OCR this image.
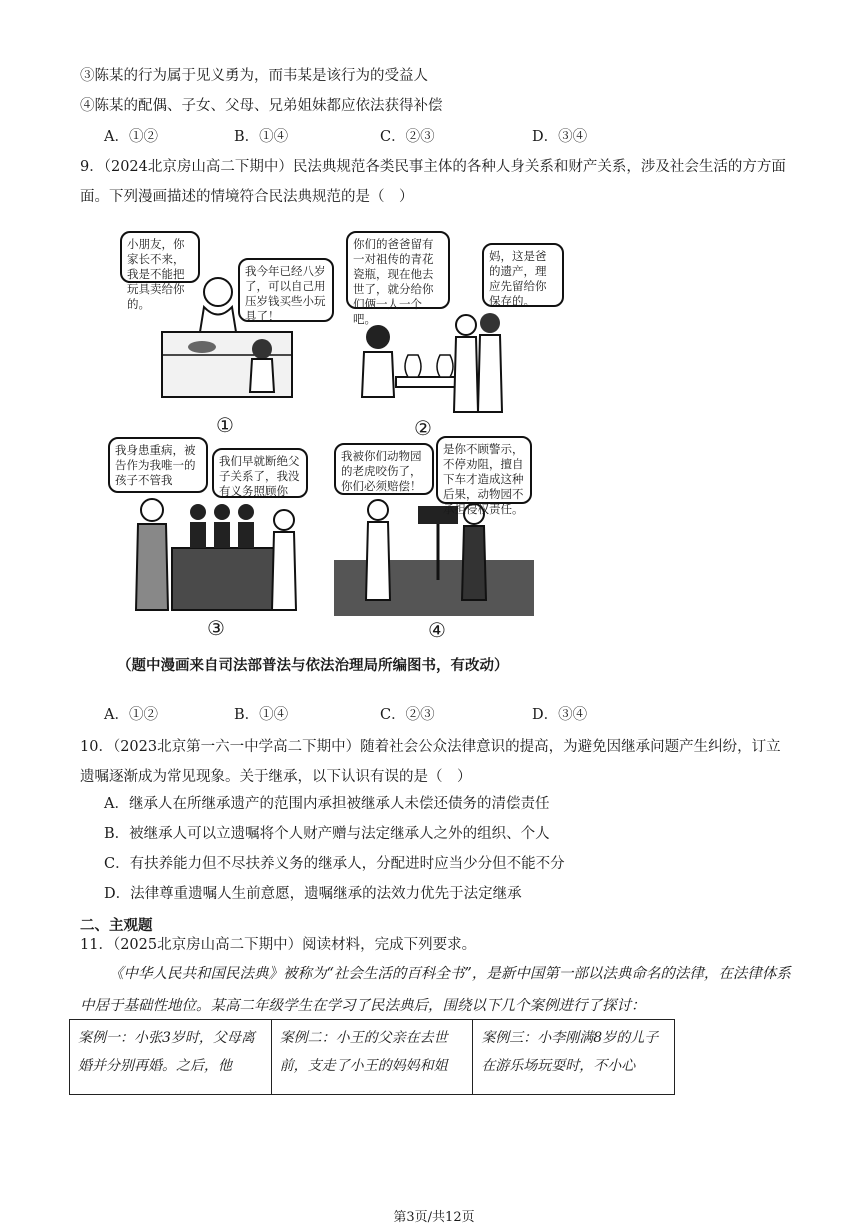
③陈某的行为属于见义勇为，而韦某是该行为的受益人
④陈某的配偶、子女、父母、兄弟姐妹都应依法获得补偿
A．①②	B．①④	C．②③	D．③④
9．（2024北京房山高二下期中）民法典规范各类民事主体的各种人身关系和财产关系，涉及社会生活的方方面面。下列漫画描述的情境符合民法典规范的是（　）
小朋友，你家长不来，我是不能把玩具卖给你的。
我今年已经八岁了，可以自己用压岁钱买些小玩具了！
①
你们的爸爸留有一对祖传的青花瓷瓶，现在他去世了，就分给你们俩一人一个吧。
妈，这是爸的遗产，理应先留给你保存的。
②
我身患重病，被告作为我唯一的孩子不管我
我们早就断绝父子关系了，我没有义务照顾你
③
我被你们动物园的老虎咬伤了，你们必须赔偿！
是你不顾警示，不停劝阻，擅自下车才造成这种后果，动物园不承担侵权责任。
④
（题中漫画来自司法部普法与依法治理局所编图书，有改动）
A．①②	B．①④	C．②③	D．③④
10．（2023北京第一六一中学高二下期中）随着社会公众法律意识的提高，为避免因继承问题产生纠纷，订立遗嘱逐渐成为常见现象。关于继承，以下认识有误的是（　）
A．继承人在所继承遗产的范围内承担被继承人未偿还债务的清偿责任
B．被继承人可以立遗嘱将个人财产赠与法定继承人之外的组织、个人
C．有扶养能力但不尽扶养义务的继承人，分配进时应当少分但不能不分
D．法律尊重遗嘱人生前意愿，遗嘱继承的法效力优先于法定继承
二、主观题
11．（2025北京房山高二下期中）阅读材料，完成下列要求。
《中华人民共和国民法典》被称为“社会生活的百科全书”，是新中国第一部以法典命名的法律，在法律体系中居于基础性地位。某高二年级学生在学习了民法典后，围绕以下几个案例进行了探讨：
案例一：小张3岁时，父母离婚并分别再婚。之后，他	案例二：小王的父亲在去世前，支走了小王的妈妈和姐	案例三：小李刚满8岁的儿子在游乐场玩耍时，不小心
第3页/共12页
